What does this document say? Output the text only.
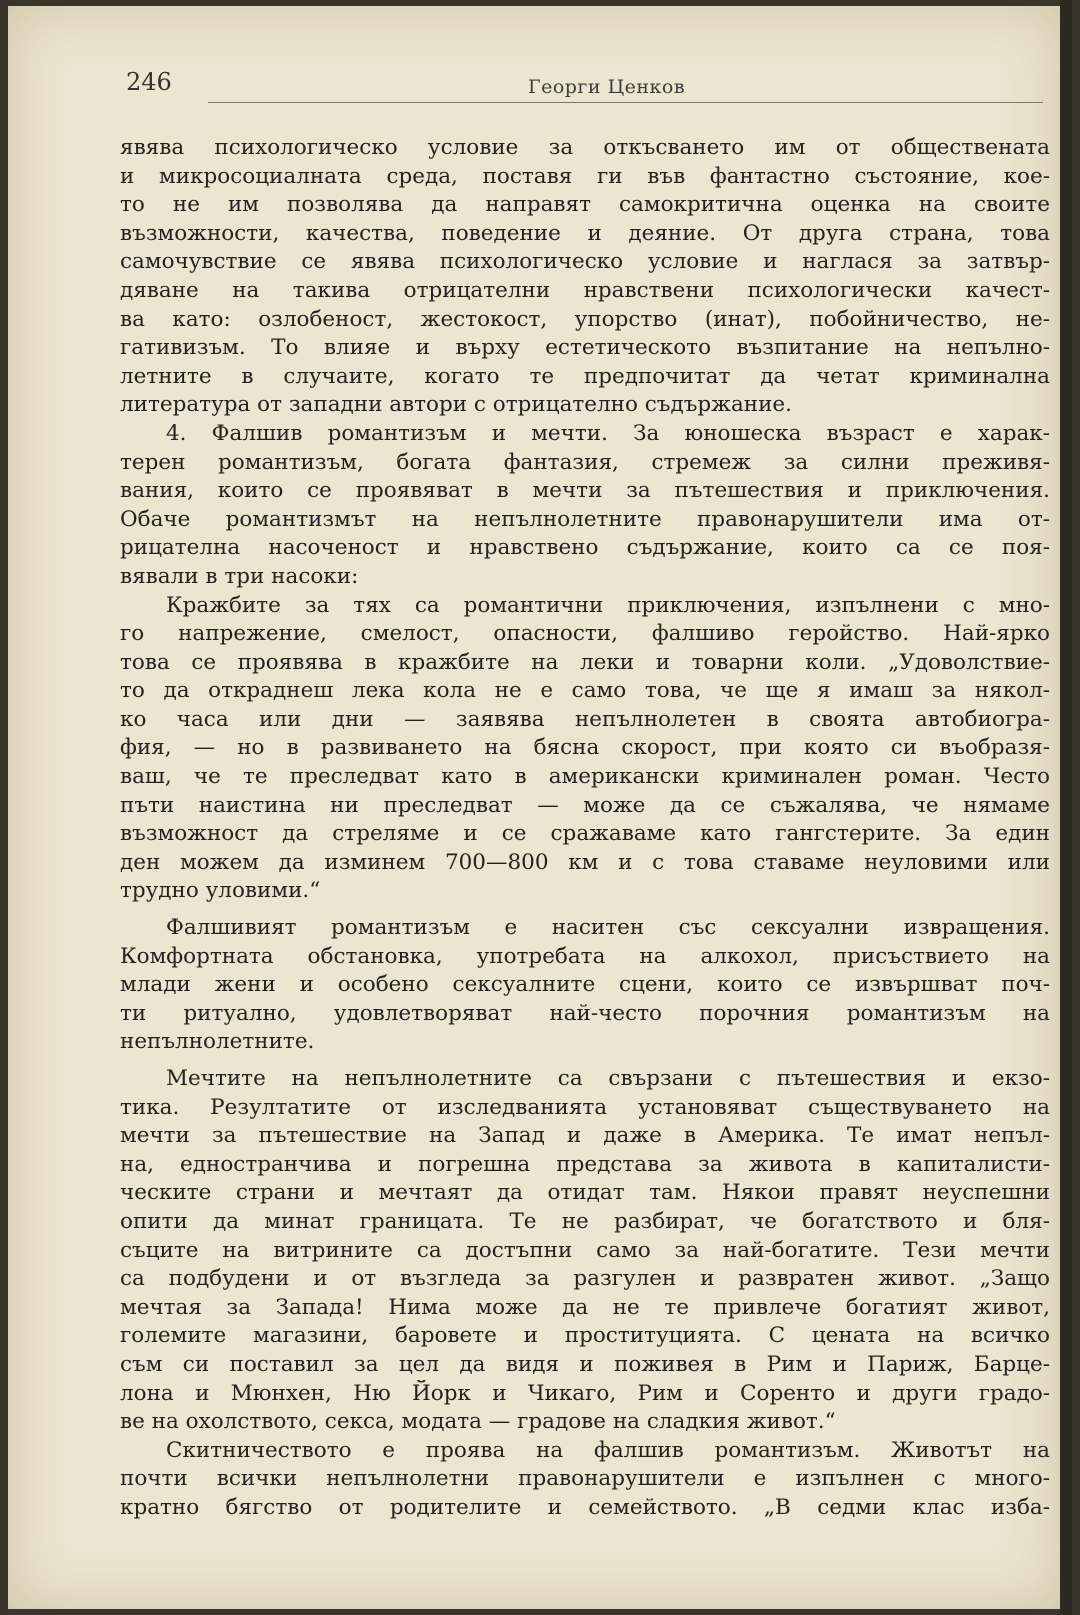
246	Георги Ценков
явява психологическо условие за откъсването им от обществената
и микросоциалната среда, поставя ги във фантастно състояние, кое-
то не им позволява да направят самокритична оценка на своите
възможности, качества, поведение и деяние. От друга страна, това
самочувствие се явява психологическо условие и наглася за затвър-
дяване на такива отрицателни нравствени психологически качест-
ва като: озлобеност, жестокост, упорство (инат), побойничество, не-
гативизъм. То влияе и върху естетическото възпитание на непълно-
летните в случаите, когато те предпочитат да четат криминална
литература от западни автори с отрицателно съдържание.
4. Фалшив романтизъм и мечти. За юношеска възраст е харак-
терен романтизъм, богата фантазия, стремеж за силни преживя-
вания, които се проявяват в мечти за пътешествия и приключения.
Обаче романтизмът на непълнолетните правонарушители има от-
рицателна насоченост и нравствено съдържание, които са се поя-
вявали в три насоки:
Кражбите за тях са романтични приключения, изпълнени с мно-
го напрежение, смелост, опасности, фалшиво геройство. Най-ярко
това се проявява в кражбите на леки и товарни коли. „Удоволствие-
то да откраднеш лека кола не е само това, че ще я имаш за някол-
ко часа или дни — заявява непълнолетен в своята автобиогра-
фия, — но в развиването на бясна скорост, при която си въобразя-
ваш, че те преследват като в американски криминален роман. Често
пъти наистина ни преследват — може да се съжалява, че нямаме
възможност да стреляме и се сражаваме като гангстерите. За един
ден можем да изминем 700—800 км и с това ставаме неуловими или
трудно уловими.“
Фалшивият романтизъм е наситен със сексуални извращения.
Комфортната обстановка, употребата на алкохол, присъствието на
млади жени и особено сексуалните сцени, които се извършват поч-
ти ритуално, удовлетворяват най-често порочния романтизъм на
непълнолетните.
Мечтите на непълнолетните са свързани с пътешествия и екзо-
тика. Резултатите от изследванията установяват съществуването на
мечти за пътешествие на Запад и даже в Америка. Те имат непъл-
на, едностранчива и погрешна представа за живота в капиталисти-
ческите страни и мечтаят да отидат там. Някои правят неуспешни
опити да минат границата. Те не разбират, че богатството и бля-
съците на витрините са достъпни само за най-богатите. Тези мечти
са подбудени и от възгледа за разгулен и развратен живот. „Защо
мечтая за Запада! Нима може да не те привлече богатият живот,
големите магазини, баровете и проституцията. С цената на всичко
съм си поставил за цел да видя и поживея в Рим и Париж, Барце-
лона и Мюнхен, Ню Йорк и Чикаго, Рим и Соренто и други градо-
ве на охолството, секса, модата — градове на сладкия живот.“
Скитничеството е проява на фалшив романтизъм. Животът на
почти всички непълнолетни правонарушители е изпълнен с много-
кратно бягство от родителите и семейството. „В седми клас изба-
